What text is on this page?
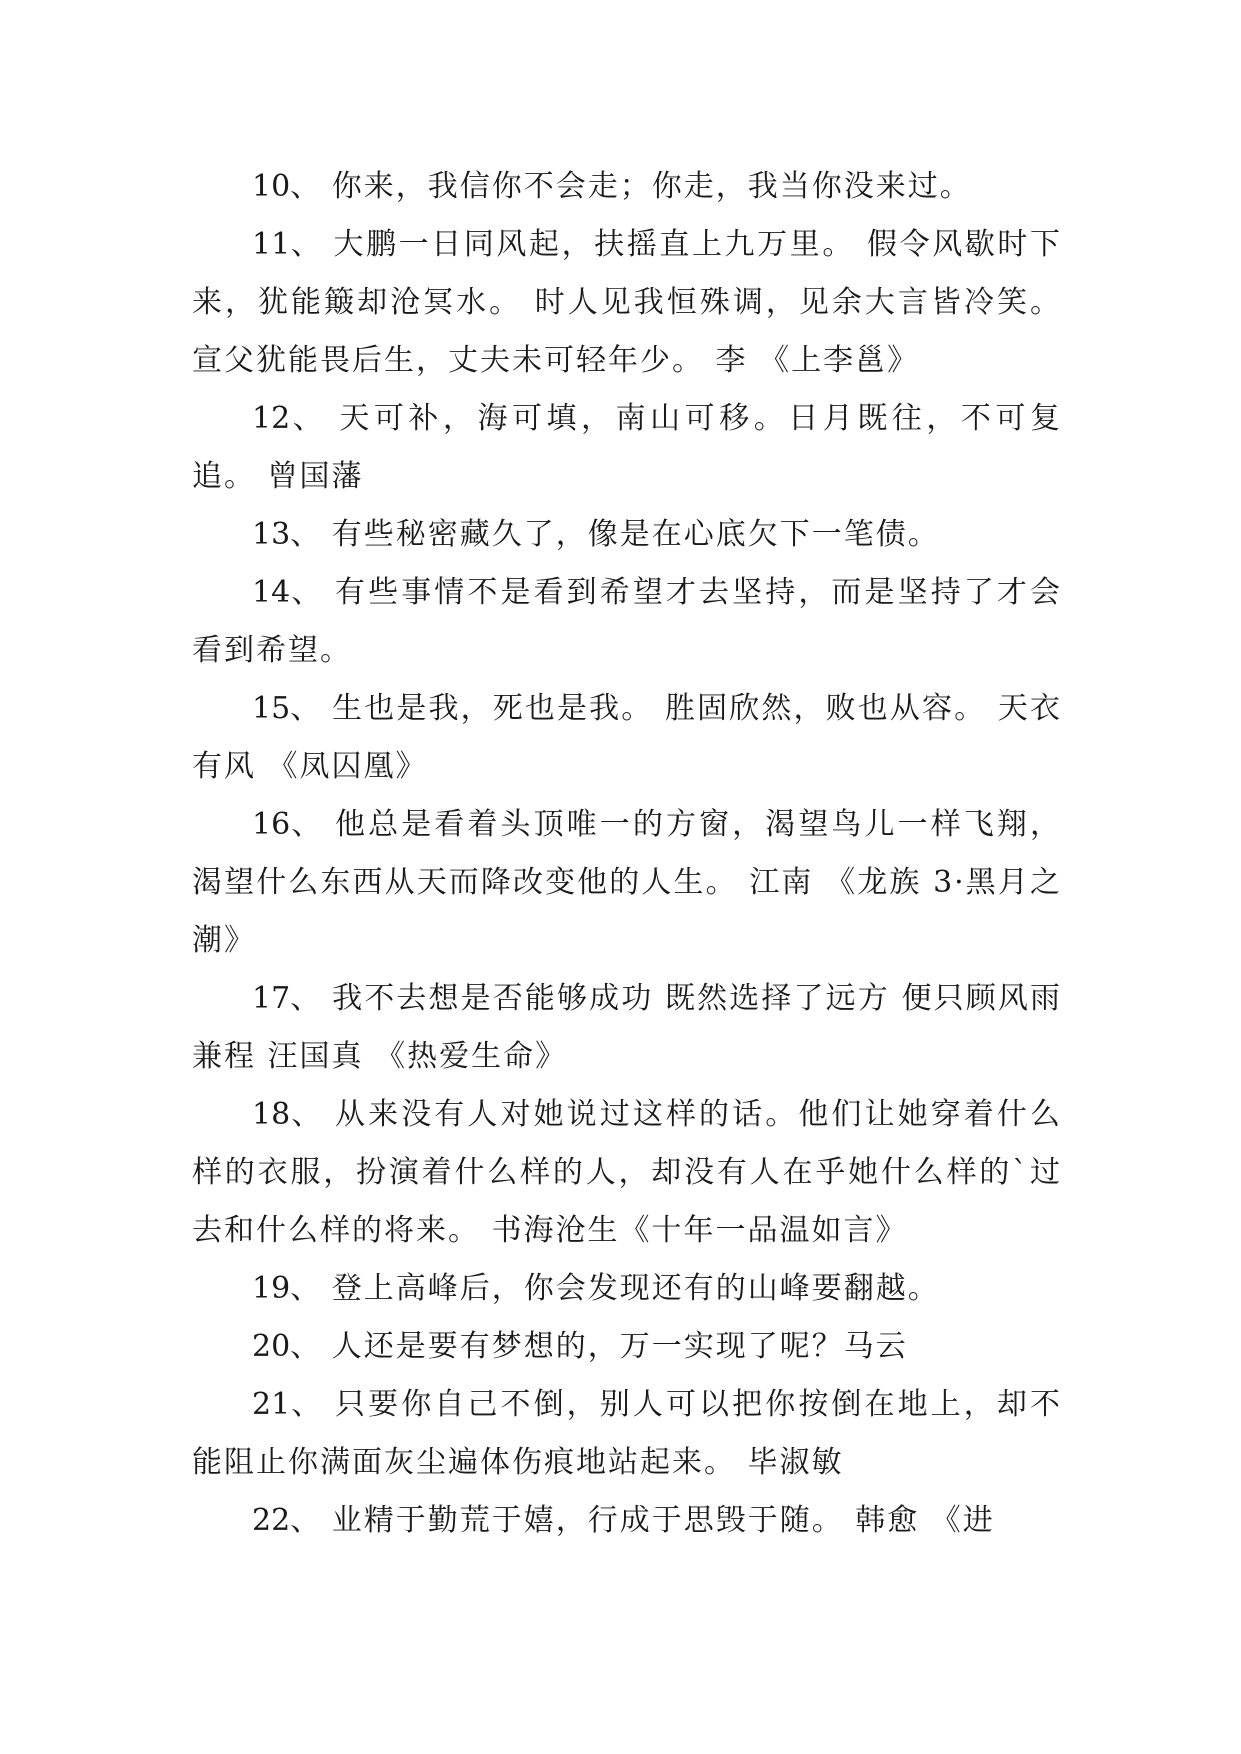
10、 你来，我信你不会走；你走，我当你没来过。

11、 大鹏一日同风起，扶摇直上九万里。 假令风歇时下来，犹能簸却沧冥水。 时人见我恒殊调，见余大言皆冷笑。 宣父犹能畏后生，丈夫未可轻年少。 李 《上李邕》

12、 天可补，海可填，南山可移。日月既往，不可复追。 曾国藩

13、 有些秘密藏久了，像是在心底欠下一笔债。

14、 有些事情不是看到希望才去坚持，而是坚持了才会看到希望。

15、 生也是我，死也是我。 胜固欣然，败也从容。 天衣有风 《凤囚凰》

16、 他总是看着头顶唯一的方窗，渴望鸟儿一样飞翔，渴望什么东西从天而降改变他的人生。 江南 《龙族 3·黑月之潮》

17、 我不去想是否能够成功 既然选择了远方 便只顾风雨兼程 汪国真 《热爱生命》

18、 从来没有人对她说过这样的话。他们让她穿着什么样的衣服，扮演着什么样的人，却没有人在乎她什么样的`过去和什么样的将来。 书海沧生《十年一品温如言》

19、 登上高峰后，你会发现还有的山峰要翻越。

20、 人还是要有梦想的，万一实现了呢？马云

21、 只要你自己不倒，别人可以把你按倒在地上，却不能阻止你满面灰尘遍体伤痕地站起来。 毕淑敏

22、 业精于勤荒于嬉，行成于思毁于随。 韩愈 《进
